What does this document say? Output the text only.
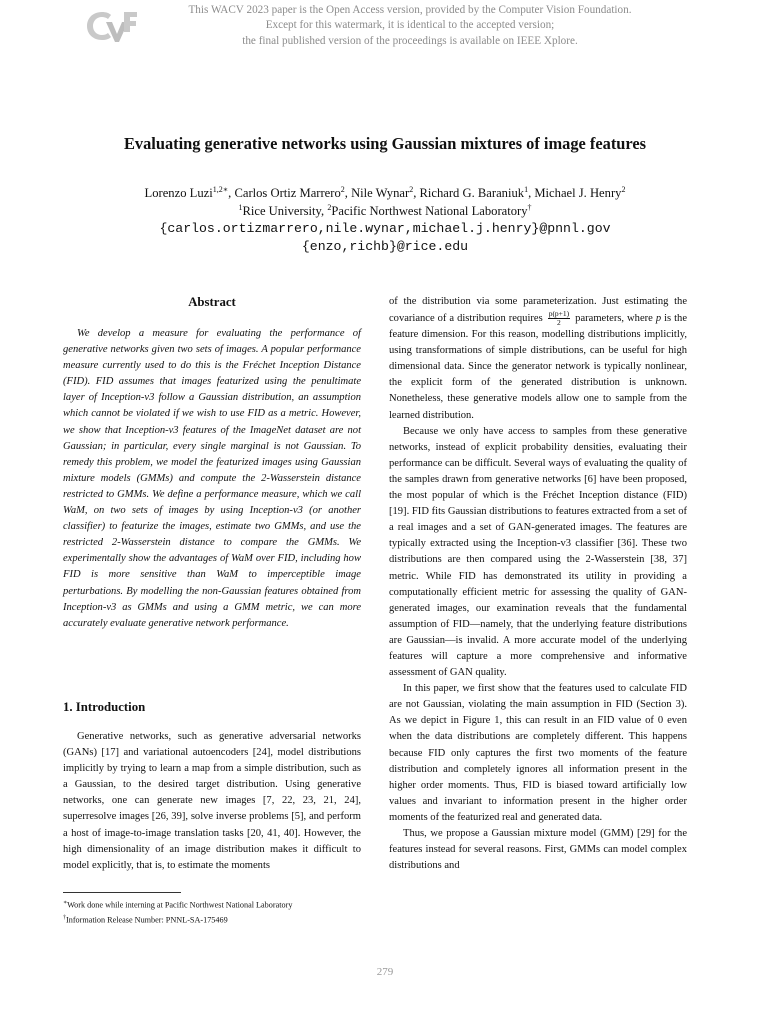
This WACV 2023 paper is the Open Access version, provided by the Computer Vision Foundation.
Except for this watermark, it is identical to the accepted version;
the final published version of the proceedings is available on IEEE Xplore.
Evaluating generative networks using Gaussian mixtures of image features
Lorenzo Luzi$^{1,2∗}$, Carlos Ortiz Marrero$^2$, Nile Wynar$^2$, Richard G. Baraniuk$^1$, Michael J. Henry$^2$
$^1$Rice University, $^2$Pacific Northwest National Laboratory†
{carlos.ortizmarrero,nile.wynar,michael.j.henry}@pnnl.gov
{enzo,richb}@rice.edu
Abstract
We develop a measure for evaluating the performance of generative networks given two sets of images. A popular performance measure currently used to do this is the Fréchet Inception Distance (FID). FID assumes that images featurized using the penultimate layer of Inception-v3 follow a Gaussian distribution, an assumption which cannot be violated if we wish to use FID as a metric. However, we show that Inception-v3 features of the ImageNet dataset are not Gaussian; in particular, every single marginal is not Gaussian. To remedy this problem, we model the featurized images using Gaussian mixture models (GMMs) and compute the 2-Wasserstein distance restricted to GMMs. We define a performance measure, which we call WaM, on two sets of images by using Inception-v3 (or another classifier) to featurize the images, estimate two GMMs, and use the restricted 2-Wasserstein distance to compare the GMMs. We experimentally show the advantages of WaM over FID, including how FID is more sensitive than WaM to imperceptible image perturbations. By modelling the non-Gaussian features obtained from Inception-v3 as GMMs and using a GMM metric, we can more accurately evaluate generative network performance.
1. Introduction
Generative networks, such as generative adversarial networks (GANs) [17] and variational autoencoders [24], model distributions implicitly by trying to learn a map from a simple distribution, such as a Gaussian, to the desired target distribution. Using generative networks, one can generate new images [7, 22, 23, 21, 24], superresolve images [26, 39], solve inverse problems [5], and perform a host of image-to-image translation tasks [20, 41, 40]. However, the high dimensionality of an image distribution makes it difficult to model explicitly, that is, to estimate the moments
∗Work done while interning at Pacific Northwest National Laboratory
†Information Release Number: PNNL-SA-175469

of the distribution via some parameterization. Just estimating the covariance of a distribution requires $\frac{p(p+1)}{2}$ parameters, where p is the feature dimension. For this reason, modelling distributions implicitly, using transformations of simple distributions, can be useful for high dimensional data. Since the generator network is typically nonlinear, the explicit form of the generated distribution is unknown. Nonetheless, these generative models allow one to sample from the learned distribution.

Because we only have access to samples from these generative networks, instead of explicit probability densities, evaluating their performance can be difficult. Several ways of evaluating the quality of the samples drawn from generative networks [6] have been proposed, the most popular of which is the Fréchet Inception distance (FID) [19]. FID fits Gaussian distributions to features extracted from a set of a real images and a set of GAN-generated images. The features are typically extracted using the Inception-v3 classifier [36]. These two distributions are then compared using the 2-Wasserstein [38, 37] metric. While FID has demonstrated its utility in providing a computationally efficient metric for assessing the quality of GAN-generated images, our examination reveals that the fundamental assumption of FID—namely, that the underlying feature distributions are Gaussian—is invalid. A more accurate model of the underlying features will capture a more comprehensive and informative assessment of GAN quality.

In this paper, we first show that the features used to calculate FID are not Gaussian, violating the main assumption in FID (Section 3). As we depict in Figure 1, this can result in an FID value of 0 even when the data distributions are completely different. This happens because FID only captures the first two moments of the feature distribution and completely ignores all information present in the higher order moments. Thus, FID is biased toward artificially low values and invariant to information present in the higher order moments of the featurized real and generated data.

Thus, we propose a Gaussian mixture model (GMM) [29] for the features instead for several reasons. First, GMMs can model complex distributions and

279
